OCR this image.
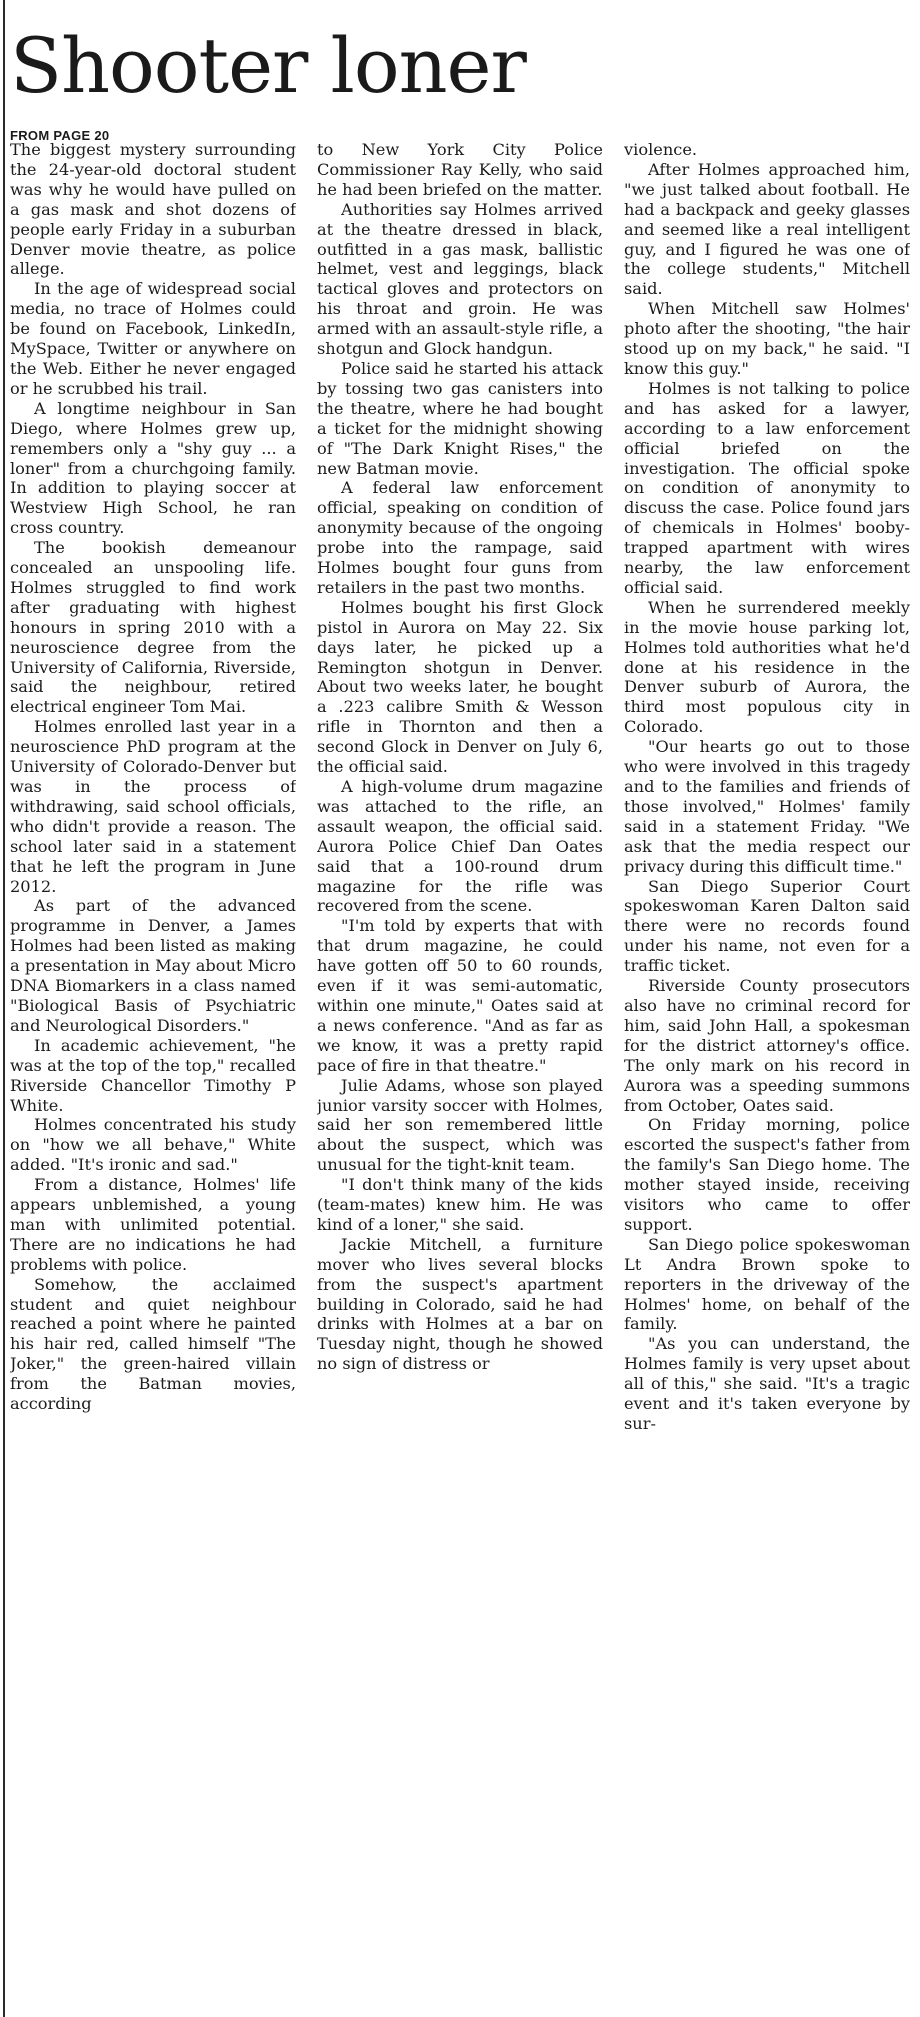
Shooter loner
FROM PAGE 20

The biggest mystery surrounding the 24-year-old doctoral student was why he would have pulled on a gas mask and shot dozens of people early Friday in a suburban Denver movie theatre, as police allege.

In the age of widespread social media, no trace of Holmes could be found on Facebook, LinkedIn, MySpace, Twitter or anywhere on the Web. Either he never engaged or he scrubbed his trail.

A longtime neighbour in San Diego, where Holmes grew up, remembers only a "shy guy ... a loner" from a churchgoing family. In addition to playing soccer at Westview High School, he ran cross country.

The bookish demeanour concealed an unspooling life. Holmes struggled to find work after graduating with highest honours in spring 2010 with a neuroscience degree from the University of California, Riverside, said the neighbour, retired electrical engineer Tom Mai.

Holmes enrolled last year in a neuroscience PhD program at the University of Colorado-Denver but was in the process of withdrawing, said school officials, who didn't provide a reason. The school later said in a statement that he left the program in June 2012.

As part of the advanced programme in Denver, a James Holmes had been listed as making a presentation in May about Micro DNA Biomarkers in a class named "Biological Basis of Psychiatric and Neurological Disorders."

In academic achievement, "he was at the top of the top," recalled Riverside Chancellor Timothy P White.

Holmes concentrated his study on "how we all behave," White added. "It's ironic and sad."

From a distance, Holmes' life appears unblemished, a young man with unlimited potential. There are no indications he had problems with police.

Somehow, the acclaimed student and quiet neighbour reached a point where he painted his hair red, called himself "The Joker," the green-haired villain from the Batman movies, according

to New York City Police Commissioner Ray Kelly, who said he had been briefed on the matter.

Authorities say Holmes arrived at the theatre dressed in black, outfitted in a gas mask, ballistic helmet, vest and leggings, black tactical gloves and protectors on his throat and groin. He was armed with an assault-style rifle, a shotgun and Glock handgun.

Police said he started his attack by tossing two gas canisters into the theatre, where he had bought a ticket for the midnight showing of "The Dark Knight Rises," the new Batman movie.

A federal law enforcement official, speaking on condition of anonymity because of the ongoing probe into the rampage, said Holmes bought four guns from retailers in the past two months.

Holmes bought his first Glock pistol in Aurora on May 22. Six days later, he picked up a Remington shotgun in Denver. About two weeks later, he bought a .223 calibre Smith & Wesson rifle in Thornton and then a second Glock in Denver on July 6, the official said.

A high-volume drum magazine was attached to the rifle, an assault weapon, the official said. Aurora Police Chief Dan Oates said that a 100-round drum magazine for the rifle was recovered from the scene.

"I'm told by experts that with that drum magazine, he could have gotten off 50 to 60 rounds, even if it was semi-automatic, within one minute," Oates said at a news conference. "And as far as we know, it was a pretty rapid pace of fire in that theatre."

Julie Adams, whose son played junior varsity soccer with Holmes, said her son remembered little about the suspect, which was unusual for the tight-knit team.

"I don't think many of the kids (team-mates) knew him. He was kind of a loner," she said.

Jackie Mitchell, a furniture mover who lives several blocks from the suspect's apartment building in Colorado, said he had drinks with Holmes at a bar on Tuesday night, though he showed no sign of distress or

violence.

After Holmes approached him, "we just talked about football. He had a backpack and geeky glasses and seemed like a real intelligent guy, and I figured he was one of the college students," Mitchell said.

When Mitchell saw Holmes' photo after the shooting, "the hair stood up on my back," he said. "I know this guy."

Holmes is not talking to police and has asked for a lawyer, according to a law enforcement official briefed on the investigation. The official spoke on condition of anonymity to discuss the case. Police found jars of chemicals in Holmes' booby-trapped apartment with wires nearby, the law enforcement official said.

When he surrendered meekly in the movie house parking lot, Holmes told authorities what he'd done at his residence in the Denver suburb of Aurora, the third most populous city in Colorado.

"Our hearts go out to those who were involved in this tragedy and to the families and friends of those involved," Holmes' family said in a statement Friday. "We ask that the media respect our privacy during this difficult time."

San Diego Superior Court spokeswoman Karen Dalton said there were no records found under his name, not even for a traffic ticket.

Riverside County prosecutors also have no criminal record for him, said John Hall, a spokesman for the district attorney's office. The only mark on his record in Aurora was a speeding summons from October, Oates said.

On Friday morning, police escorted the suspect's father from the family's San Diego home. The mother stayed inside, receiving visitors who came to offer support.

San Diego police spokeswoman Lt Andra Brown spoke to reporters in the driveway of the Holmes' home, on behalf of the family.

"As you can understand, the Holmes family is very upset about all of this," she said. "It's a tragic event and it's taken everyone by sur-
